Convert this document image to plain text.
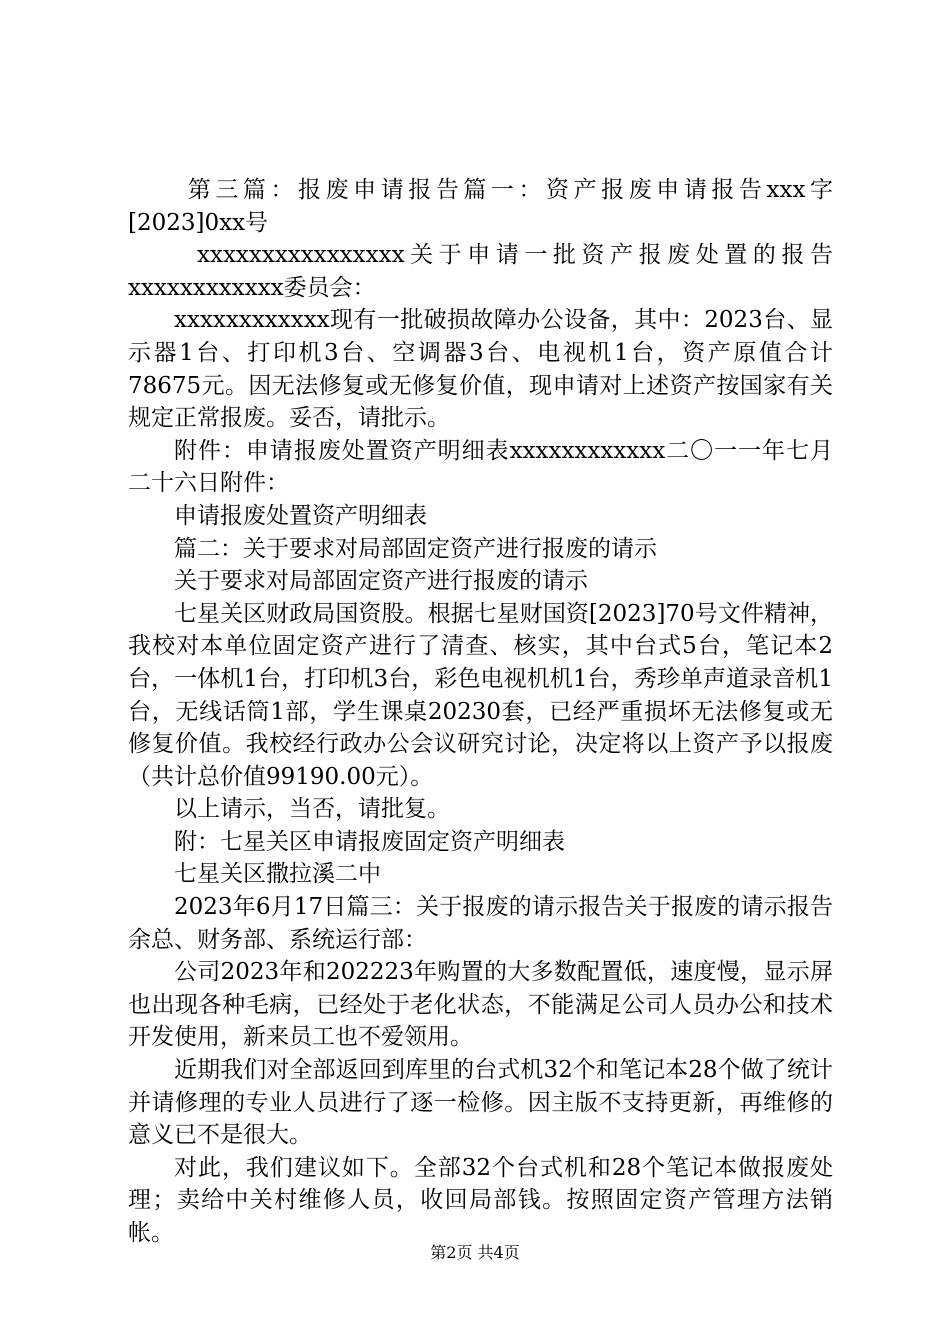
第三篇：报废申请报告篇一：资产报废申请报告xxx字[2023]0xx号

xxxxxxxxxxxxxxxx关于申请一批资产报废处置的报告xxxxxxxxxxxx委员会：

xxxxxxxxxxxx现有一批破损故障办公设备，其中：2023台、显示器1台、打印机3台、空调器3台、电视机1台，资产原值合计78675元。因无法修复或无修复价值，现申请对上述资产按国家有关规定正常报废。妥否，请批示。

附件：申请报废处置资产明细表xxxxxxxxxxxx二〇一一年七月二十六日附件：

申请报废处置资产明细表

篇二：关于要求对局部固定资产进行报废的请示

关于要求对局部固定资产进行报废的请示

七星关区财政局国资股。根据七星财国资[2023]70号文件精神，我校对本单位固定资产进行了清查、核实，其中台式5台，笔记本2台，一体机1台，打印机3台，彩色电视机机1台，秀珍单声道录音机1台，无线话筒1部，学生课桌20230套，已经严重损坏无法修复或无修复价值。我校经行政办公会议研究讨论，决定将以上资产予以报废（共计总价值99190.00元）。

以上请示，当否，请批复。

附：七星关区申请报废固定资产明细表

七星关区撒拉溪二中

2023年6月17日篇三：关于报废的请示报告关于报废的请示报告余总、财务部、系统运行部：

公司2023年和202223年购置的大多数配置低，速度慢，显示屏也出现各种毛病，已经处于老化状态，不能满足公司人员办公和技术开发使用，新来员工也不爱领用。

近期我们对全部返回到库里的台式机32个和笔记本28个做了统计并请修理的专业人员进行了逐一检修。因主版不支持更新，再维修的意义已不是很大。

对此，我们建议如下。全部32个台式机和28个笔记本做报废处理；卖给中关村维修人员，收回局部钱。按照固定资产管理方法销帐。

第2页 共4页
